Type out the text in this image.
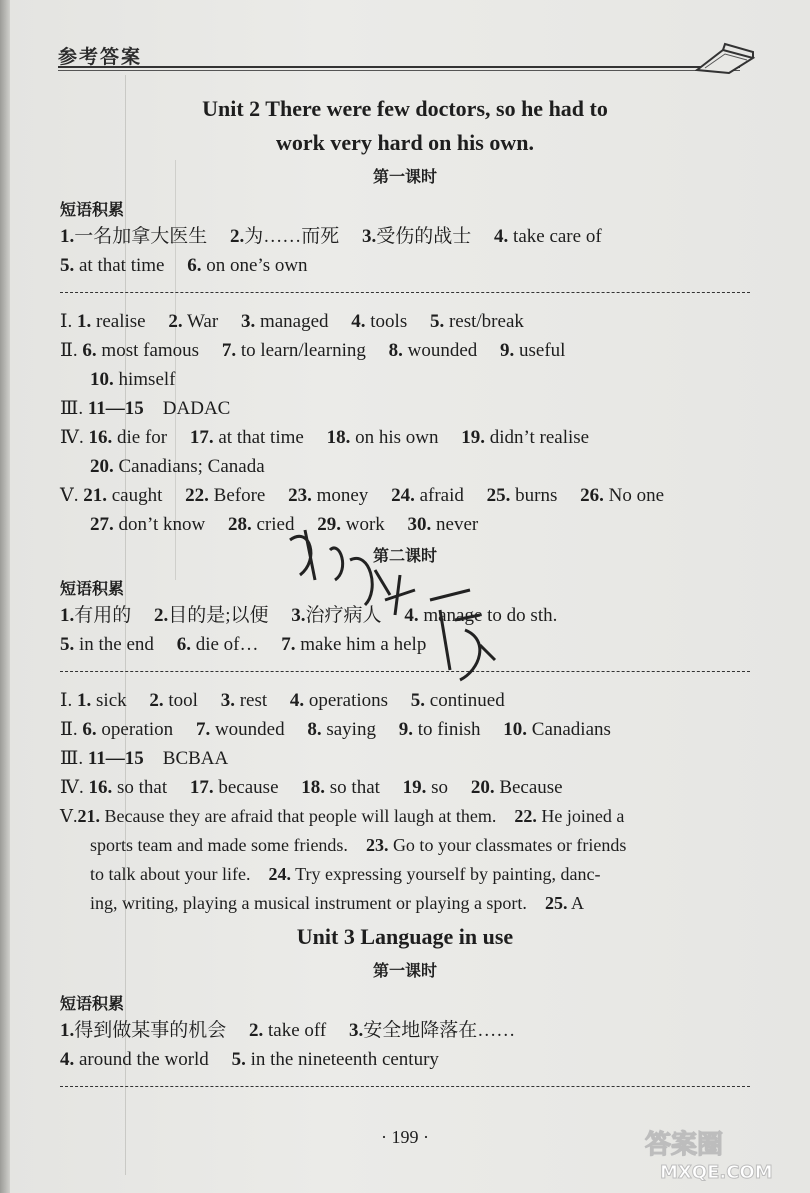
参考答案
Unit 2 There were few doctors, so he had to
work very hard on his own.
第一课时
短语积累
1.一名加拿大医生 2.为……而死 3.受伤的战士 4. take care of
5. at that time 6. on one’s own
Ⅰ. 1. realise 2. War 3. managed 4. tools 5. rest/break
Ⅱ. 6. most famous 7. to learn/learning 8. wounded 9. useful
10. himself
Ⅲ. 11—15 DADAC
Ⅳ. 16. die for 17. at that time 18. on his own 19. didn’t realise
20. Canadians; Canada
Ⅴ. 21. caught 22. Before 23. money 24. afraid 25. burns 26. No one
27. don’t know 28. cried 29. work 30. never
第二课时
短语积累
1.有用的 2.目的是;以便 3.治疗病人 4. manage to do sth.
5. in the end 6. die of… 7. make him a help
Ⅰ. 1. sick 2. tool 3. rest 4. operations 5. continued
Ⅱ. 6. operation 7. wounded 8. saying 9. to finish 10. Canadians
Ⅲ. 11—15 BCBAA
Ⅳ. 16. so that 17. because 18. so that 19. so 20. Because
Ⅴ.21. Because they are afraid that people will laugh at them. 22. He joined a
sports team and made some friends. 23. Go to your classmates or friends
to talk about your life. 24. Try expressing yourself by painting, danc-
ing, writing, playing a musical instrument or playing a sport. 25. A
Unit 3 Language in use
第一课时
短语积累
1.得到做某事的机会 2. take off 3.安全地降落在……
4. around the world 5. in the nineteenth century
· 199 ·	答案圈
MXQE.COM
